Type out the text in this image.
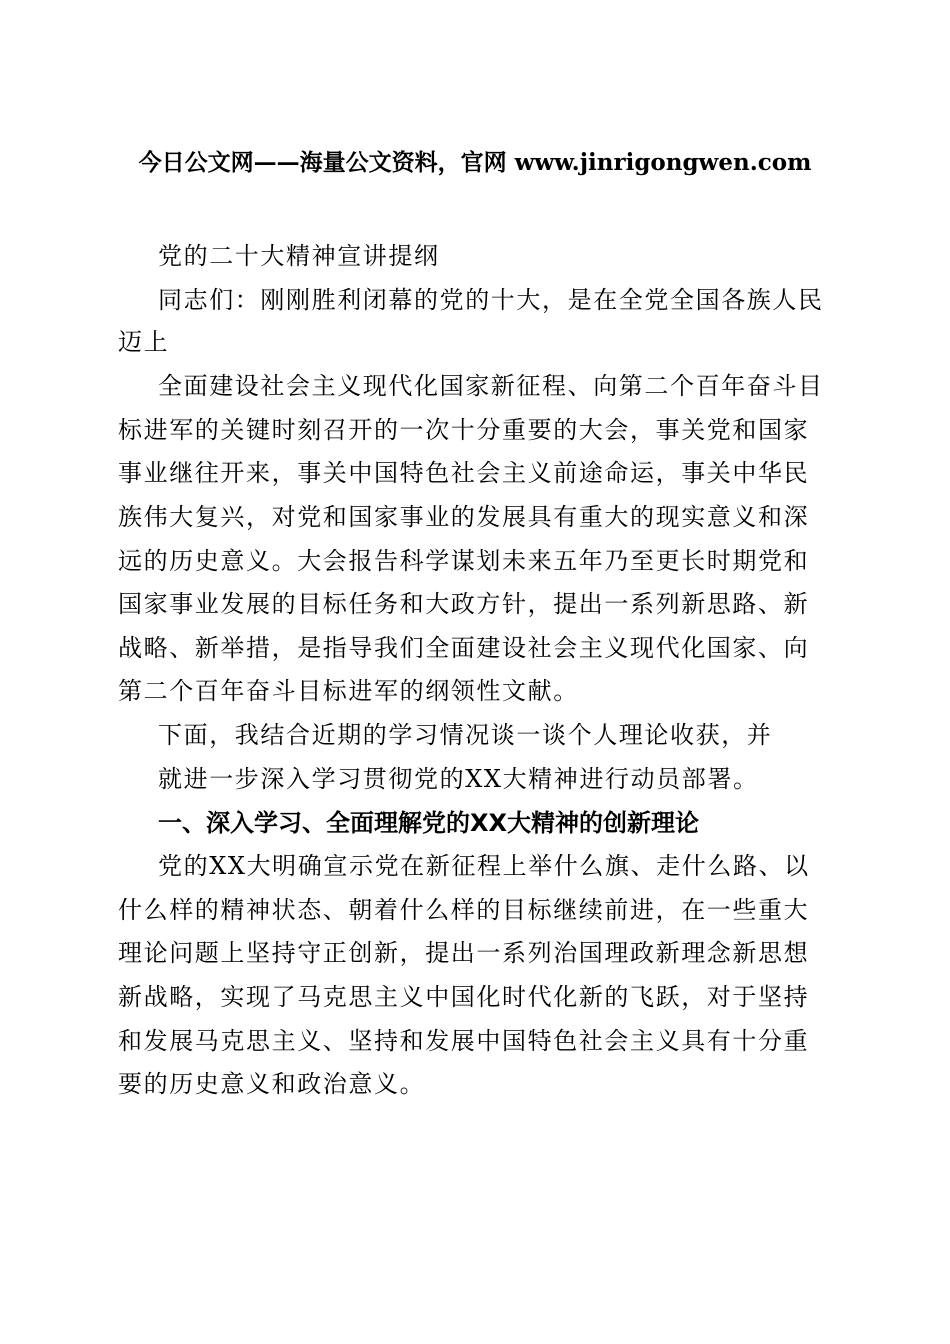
今日公文网——海量公文资料，官网 www.jinrigongwen.com
党的二十大精神宣讲提纲
同志们：刚刚胜利闭幕的党的十大，是在全党全国各族人民
迈上
全面建设社会主义现代化国家新征程、向第二个百年奋斗目
标进军的关键时刻召开的一次十分重要的大会，事关党和国家
事业继往开来，事关中国特色社会主义前途命运，事关中华民
族伟大复兴，对党和国家事业的发展具有重大的现实意义和深
远的历史意义。大会报告科学谋划未来五年乃至更长时期党和
国家事业发展的目标任务和大政方针，提出一系列新思路、新
战略、新举措，是指导我们全面建设社会主义现代化国家、向
第二个百年奋斗目标进军的纲领性文献。
下面，我结合近期的学习情况谈一谈个人理论收获，并
就进一步深入学习贯彻党的XX大精神进行动员部署。
一、深入学习、全面理解党的XX大精神的创新理论
党的XX大明确宣示党在新征程上举什么旗、走什么路、以
什么样的精神状态、朝着什么样的目标继续前进，在一些重大
理论问题上坚持守正创新，提出一系列治国理政新理念新思想
新战略，实现了马克思主义中国化时代化新的飞跃，对于坚持
和发展马克思主义、坚持和发展中国特色社会主义具有十分重
要的历史意义和政治意义。
